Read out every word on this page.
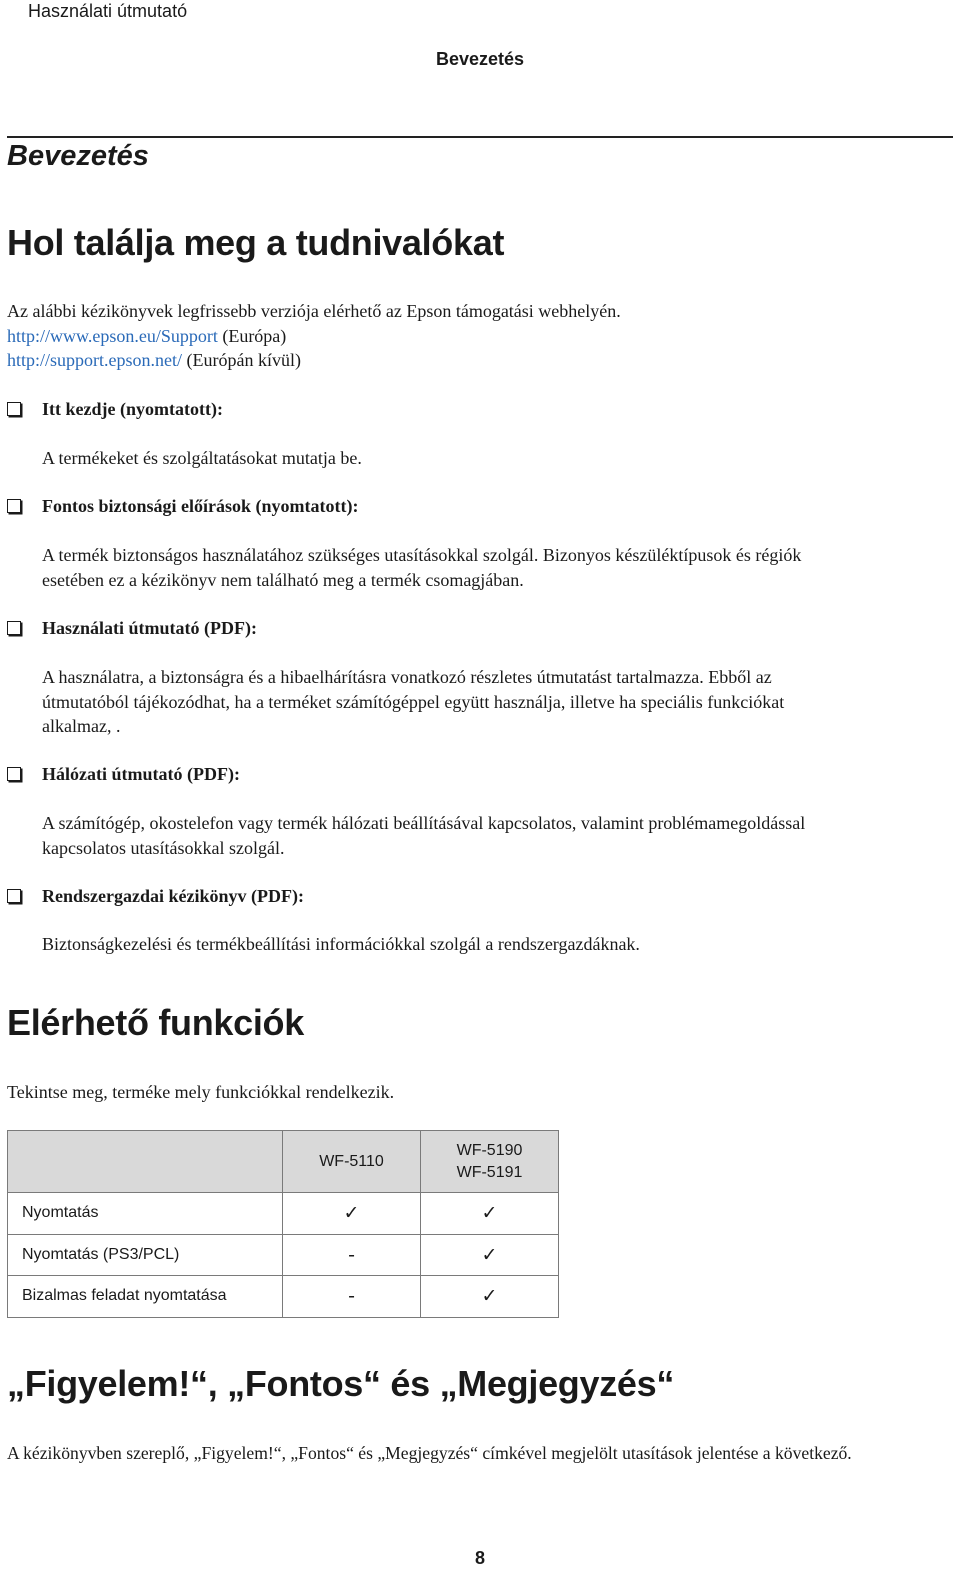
Használati útmutató
Bevezetés
Bevezetés
Hol találja meg a tudnivalókat
Az alábbi kézikönyvek legfrissebb verziója elérhető az Epson támogatási webhelyén.
http://www.epson.eu/Support (Európa)
http://support.epson.net/ (Európán kívül)
Itt kezdje (nyomtatott):
A termékeket és szolgáltatásokat mutatja be.
Fontos biztonsági előírások (nyomtatott):
A termék biztonságos használatához szükséges utasításokkal szolgál. Bizonyos készüléktípusok és régiók
esetében ez a kézikönyv nem található meg a termék csomagjában.
Használati útmutató (PDF):
A használatra, a biztonságra és a hibaelhárításra vonatkozó részletes útmutatást tartalmazza. Ebből az
útmutatóból tájékozódhat, ha a terméket számítógéppel együtt használja, illetve ha speciális funkciókat
alkalmaz, .
Hálózati útmutató (PDF):
A számítógép, okostelefon vagy termék hálózati beállításával kapcsolatos, valamint problémamegoldással
kapcsolatos utasításokkal szolgál.
Rendszergazdai kézikönyv (PDF):
Biztonságkezelési és termékbeállítási információkkal szolgál a rendszergazdáknak.
Elérhető funkciók
Tekintse meg, terméke mely funkciókkal rendelkezik.

	WF-5110	WF-5190
WF-5191

Nyomtatás	✓	✓
Nyomtatás (PS3/PCL)	-	✓
Bizalmas feladat nyomtatása	-	✓
„Figyelem!“, „Fontos“ és „Megjegyzés“
A kézikönyvben szereplő, „Figyelem!“, „Fontos“ és „Megjegyzés“ címkével megjelölt utasítások jelentése a következő.
8
